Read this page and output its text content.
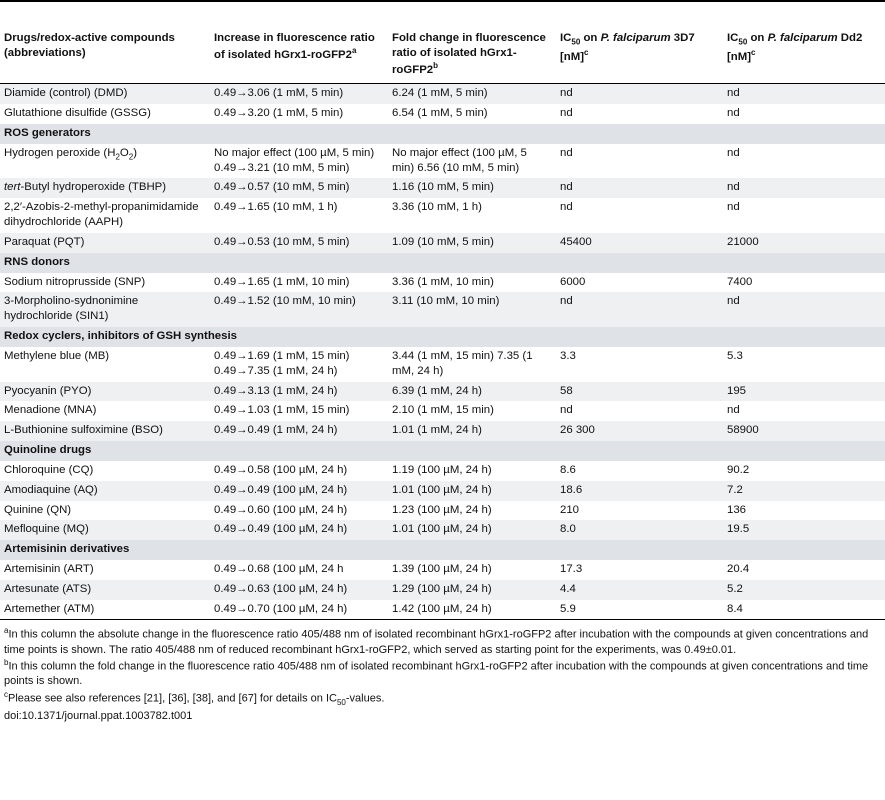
Drugs/redox-active compounds (abbreviations)	Increase in fluorescence ratio of isolated hGrx1-roGFP2$^a$	Fold change in fluorescence ratio of isolated hGrx1-roGFP2$^b$	$IC_{50}$ on P. falciparum 3D7 [nM]$^c$	$IC_{50}$ on P. falciparum Dd2 [nM]$^c$
Diamide (control) (DMD)	0.49→3.06 (1 mM, 5 min)	6.24 (1 mM, 5 min)	nd	nd
Glutathione disulfide (GSSG)	0.49→3.20 (1 mM, 5 min)	6.54 (1 mM, 5 min)	nd	nd
ROS generators				
Hydrogen peroxide $(H_2O_2)$	No major effect (100 µM, 5 min) 0.49→3.21 (10 mM, 5 min)	No major effect (100 µM, 5 min) 6.56 (10 mM, 5 min)	nd	nd
tert-Butyl hydroperoxide (TBHP)	0.49→0.57 (10 mM, 5 min)	1.16 (10 mM, 5 min)	nd	nd
2,2′-Azobis-2-methyl-propanimidamide dihydrochloride (AAPH)	0.49→1.65 (10 mM, 1 h)	3.36 (10 mM, 1 h)	nd	nd
Paraquat (PQT)	0.49→0.53 (10 mM, 5 min)	1.09 (10 mM, 5 min)	45400	21000
RNS donors				
Sodium nitroprusside (SNP)	0.49→1.65 (1 mM, 10 min)	3.36 (1 mM, 10 min)	6000	7400
3-Morpholino-sydnonimine hydrochloride (SIN1)	0.49→1.52 (10 mM, 10 min)	3.11 (10 mM, 10 min)	nd	nd
Redox cyclers, inhibitors of GSH synthesis				
Methylene blue (MB)	0.49→1.69 (1 mM, 15 min) 0.49→7.35 (1 mM, 24 h)	3.44 (1 mM, 15 min) 7.35 (1 mM, 24 h)	3.3	5.3
Pyocyanin (PYO)	0.49→3.13 (1 mM, 24 h)	6.39 (1 mM, 24 h)	58	195
Menadione (MNA)	0.49→1.03 (1 mM, 15 min)	2.10 (1 mM, 15 min)	nd	nd
L-Buthionine sulfoximine (BSO)	0.49→0.49 (1 mM, 24 h)	1.01 (1 mM, 24 h)	26 300	58900
Quinoline drugs				
Chloroquine (CQ)	0.49→0.58 (100 µM, 24 h)	1.19 (100 µM, 24 h)	8.6	90.2
Amodiaquine (AQ)	0.49→0.49 (100 µM, 24 h)	1.01 (100 µM, 24 h)	18.6	7.2
Quinine (QN)	0.49→0.60 (100 µM, 24 h)	1.23 (100 µM, 24 h)	210	136
Mefloquine (MQ)	0.49→0.49 (100 µM, 24 h)	1.01 (100 µM, 24 h)	8.0	19.5
Artemisinin derivatives				
Artemisinin (ART)	0.49→0.68 (100 µM, 24 h	1.39 (100 µM, 24 h)	17.3	20.4
Artesunate (ATS)	0.49→0.63 (100 µM, 24 h)	1.29 (100 µM, 24 h)	4.4	5.2
Artemether (ATM)	0.49→0.70 (100 µM, 24 h)	1.42 (100 µM, 24 h)	5.9	8.4

$^a$In this column the absolute change in the fluorescence ratio 405/488 nm of isolated recombinant hGrx1-roGFP2 after incubation with the compounds at given concentrations and time points is shown. The ratio 405/488 nm of reduced recombinant hGrx1-roGFP2, which served as starting point for the experiments, was 0.49±0.01.

$^b$In this column the fold change in the fluorescence ratio 405/488 nm of isolated recombinant hGrx1-roGFP2 after incubation with the compounds at given concentrations and time points is shown.

$^c$Please see also references [21], [36], [38], and [67] for details on $IC_{50}$-values.

doi:10.1371/journal.ppat.1003782.t001
